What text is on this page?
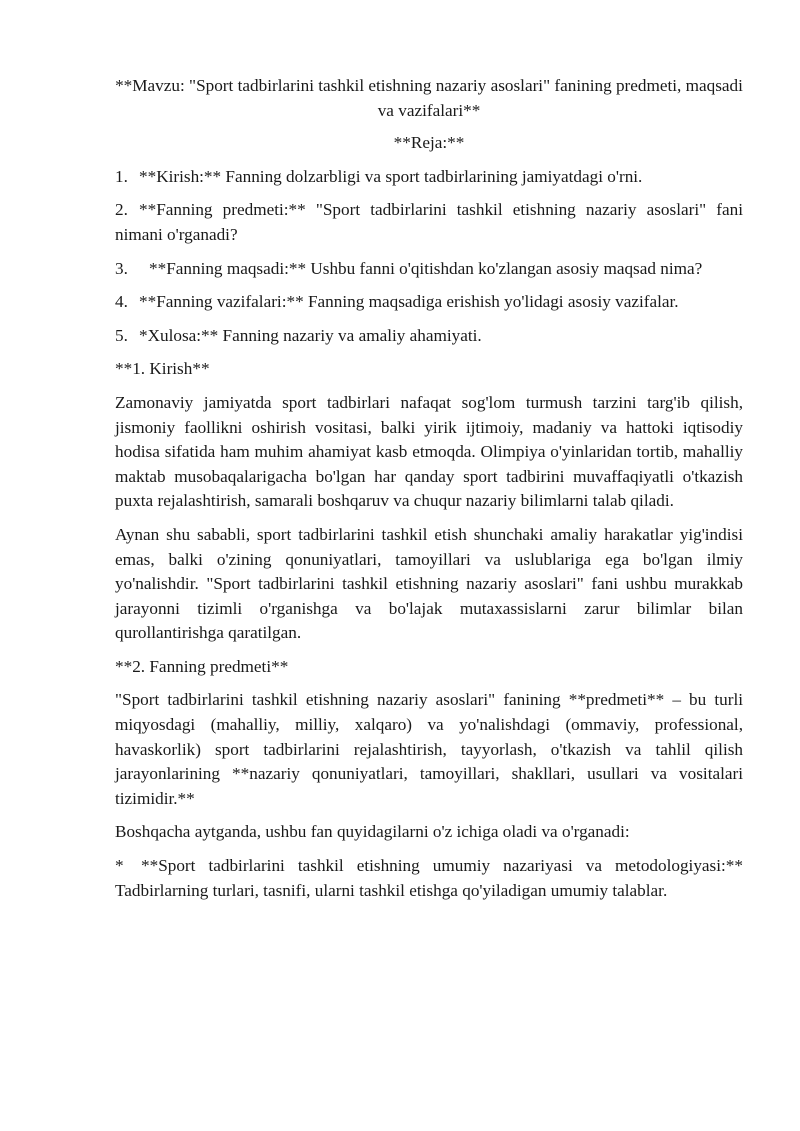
**Mavzu: "Sport tadbirlarini tashkil etishning nazariy asoslari" fanining predmeti, maqsadi va vazifalari**
**Reja:**
1. **Kirish:** Fanning dolzarbligi va sport tadbirlarining jamiyatdagi o'rni.
2. **Fanning predmeti:** "Sport tadbirlarini tashkil etishning nazariy asoslari" fani nimani o'rganadi?
3. **Fanning maqsadi:** Ushbu fanni o'qitishdan ko'zlangan asosiy maqsad nima?
4. **Fanning vazifalari:** Fanning maqsadiga erishish yo'lidagi asosiy vazifalar.
5. *Xulosa:** Fanning nazariy va amaliy ahamiyati.
**1. Kirish**
Zamonaviy jamiyatda sport tadbirlari nafaqat sog'lom turmush tarzini targ'ib qilish, jismoniy faollikni oshirish vositasi, balki yirik ijtimoiy, madaniy va hattoki iqtisodiy hodisa sifatida ham muhim ahamiyat kasb etmoqda. Olimpiya o'yinlaridan tortib, mahalliy maktab musobaqalarigacha bo'lgan har qanday sport tadbirini muvaffaqiyatli o'tkazish puxta rejalashtirish, samarali boshqaruv va chuqur nazariy bilimlarni talab qiladi.
Aynan shu sababli, sport tadbirlarini tashkil etish shunchaki amaliy harakatlar yig'indisi emas, balki o'zining qonuniyatlari, tamoyillari va uslublariga ega bo'lgan ilmiy yo'nalishdir. "Sport tadbirlarini tashkil etishning nazariy asoslari" fani ushbu murakkab jarayonni tizimli o'rganishga va bo'lajak mutaxassislarni zarur bilimlar bilan qurollantirishga qaratilgan.
**2. Fanning predmeti**
"Sport tadbirlarini tashkil etishning nazariy asoslari" fanining **predmeti** – bu turli miqyosdagi (mahalliy, milliy, xalqaro) va yo'nalishdagi (ommaviy, professional, havaskorlik) sport tadbirlarini rejalashtirish, tayyorlash, o'tkazish va tahlil qilish jarayonlarining **nazariy qonuniyatlari, tamoyillari, shakllari, usullari va vositalari tizimidir.**
Boshqacha aytganda, ushbu fan quyidagilarni o'z ichiga oladi va o'rganadi:
* **Sport tadbirlarini tashkil etishning umumiy nazariyasi va metodologiyasi:** Tadbirlarning turlari, tasnifi, ularni tashkil etishga qo'yiladigan umumiy talablar.
